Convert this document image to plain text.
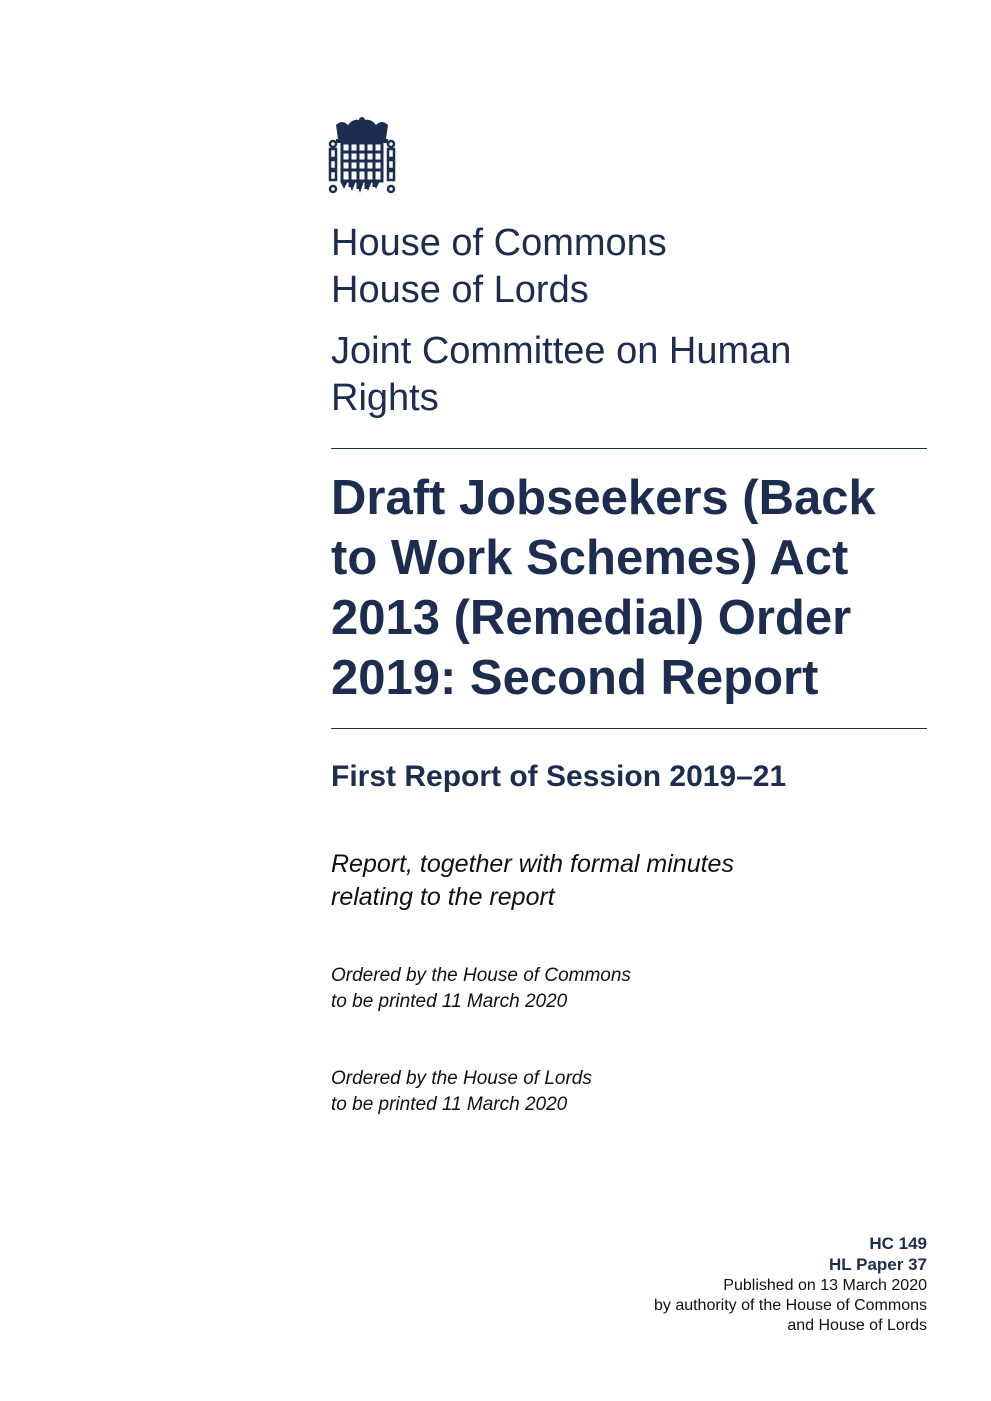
House of Commons
House of Lords
Joint Committee on Human
Rights
Draft Jobseekers (Back
to Work Schemes) Act
2013 (Remedial) Order
2019: Second Report
First Report of Session 2019–21
Report, together with formal minutes
relating to the report
Ordered by the House of Commons
to be printed 11 March 2020
Ordered by the House of Lords
to be printed 11 March 2020
HC 149
HL Paper 37
Published on 13 March 2020
by authority of the House of Commons
and House of Lords
